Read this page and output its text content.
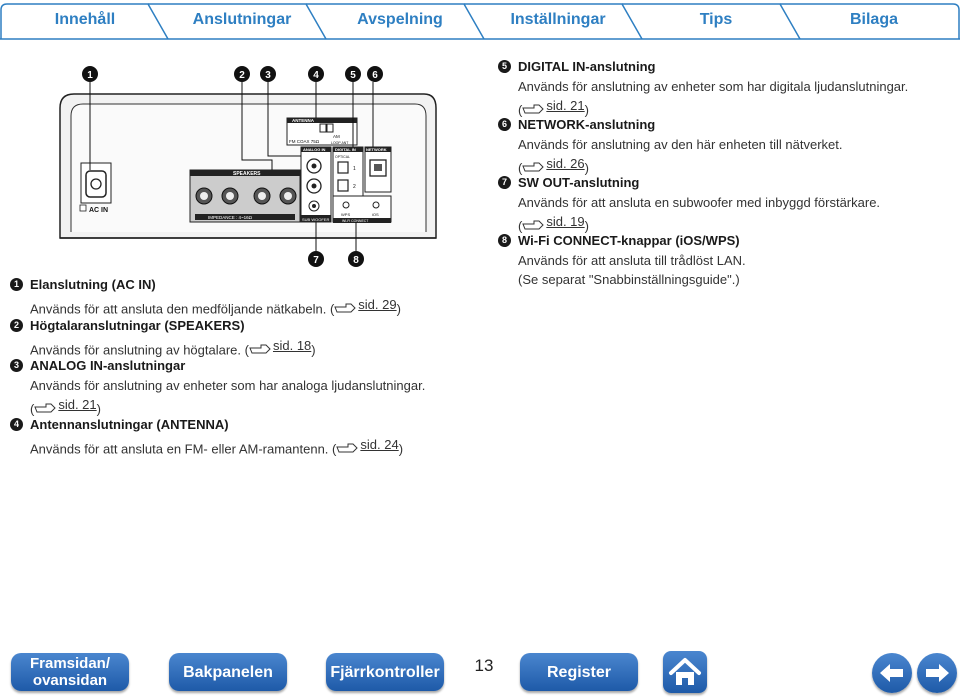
Innehåll	Anslutningar	Avspelning	Inställningar	Tips	Bilaga
AC IN
SPEAKERS
IMPEDANCE : 4~16Ω
ANTENNA
FM COAX 75Ω
AM
LOOP ANT
ANALOG IN
SUB WOOFER
DIGITAL IN
OPTICAL
1
2
NETWORK
WPS	iOS
Wi-Fi CONNECT
1	2 3	4	5 6
7	8
1 Elanslutning (AC IN)
Används för att ansluta den medföljande nätkabeln. ( sid. 29 )
2 Högtalaranslutningar (SPEAKERS)
Används för anslutning av högtalare. ( sid. 18 )
3 ANALOG IN-anslutningar
Används för anslutning av enheter som har analoga ljudanslutningar.
( sid. 21 )
4 Antennanslutningar (ANTENNA)
Används för att ansluta en FM- eller AM-ramantenn. ( sid. 24 )
5 DIGITAL IN-anslutning
Används för anslutning av enheter som har digitala ljudanslutningar.
( sid. 21 )
6 NETWORK-anslutning
Används för anslutning av den här enheten till nätverket.
( sid. 26 )
7 SW OUT-anslutning
Används för att ansluta en subwoofer med inbyggd förstärkare.
( sid. 19 )
8 Wi-Fi CONNECT-knappar (iOS/WPS)
Används för att ansluta till trådlöst LAN.
(Se separat "Snabbinställningsguide".)
Framsidan/
ovansidan	Bakpanelen	Fjärrkontroller 13	Register
